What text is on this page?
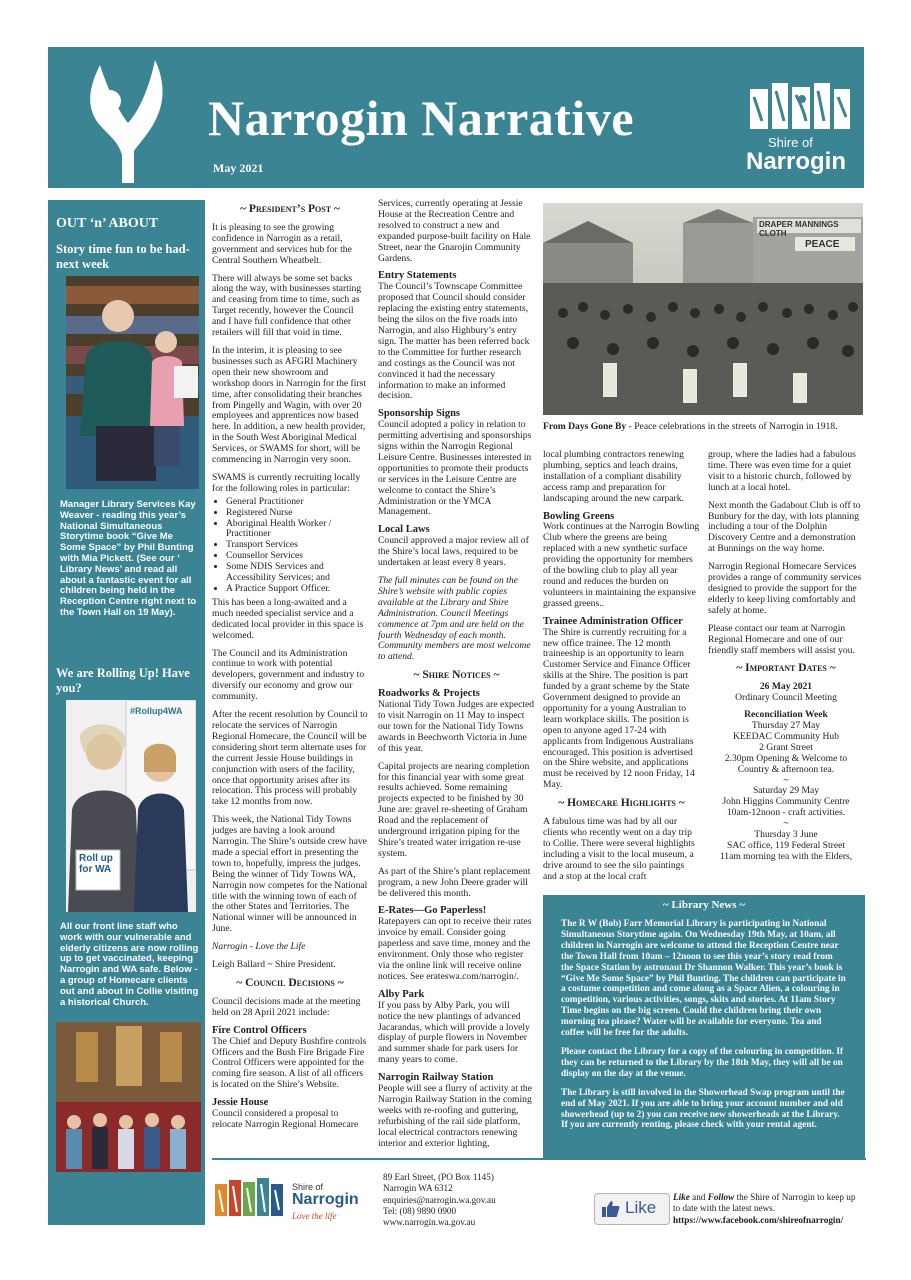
Narrogin Narrative
May 2021
Shire of
Narrogin
OUT ‘n’ ABOUT
Story time fun to be had- next week
Manager Library Services Kay Weaver - reading this year’s National Simultaneous Storytime book “Give Me Some Space” by Phil Bunting with Mia Pickett. (See our ‘ Library News’ and read all about a fantastic event for all children being held in the Reception Centre right next to the Town Hall on 19 May).
We are Rolling Up! Have you?
#Rollup4WA
Roll up for WA
All our front line staff who work with our vulnerable and elderly citizens are now rolling up to get vaccinated, keeping Narrogin and WA safe. Below - a group of Homecare clients out and about in Collie visiting a historical Church.
~ President’s Post ~

It is pleasing to see the growing confidence in Narrogin as a retail, government and services hub for the Central Southern Wheatbelt.

There will always be some set backs along the way, with businesses starting and ceasing from time to time, such as Target recently, however the Council and I have full confidence that other retailers will fill that void in time.

In the interim, it is pleasing to see businesses such as AFGRI Machinery open their new showroom and workshop doors in Narrogin for the first time, after consolidating their branches from Pingelly and Wagin, with over 20 employees and apprentices now based here. In addition, a new health provider, in the South West Aboriginal Medical Services, or SWAMS for short, will be commencing in Narrogin very soon.

SWAMS is currently recruiting locally for the following roles in particular:

• General Practitioner
• Registered Nurse
• Aboriginal Health Worker / Practitioner
• Transport Services
• Counsellor Services
• Some NDIS Services and Accessibility Services; and
• A Practice Support Officer.

This has been a long-awaited and a much needed specialist service and a dedicated local provider in this space is welcomed.

The Council and its Administration continue to work with potential developers, government and industry to diversify our economy and grow our community.

After the recent resolution by Council to relocate the services of Narrogin Regional Homecare, the Council will be considering short term alternate uses for the current Jessie House buildings in conjunction with users of the facility, once that opportunity arises after its relocation. This process will probably take 12 months from now.

This week, the National Tidy Towns judges are having a look around Narrogin. The Shire’s outside crew have made a special effort in presenting the town to, hopefully, impress the judges. Being the winner of Tidy Towns WA, Narrogin now competes for the National title with the winning town of each of the other States and Territories. The National winner will be announced in June.

Narrogin - Love the Life

Leigh Ballard ~ Shire President.

~ Council Decisions ~

Council decisions made at the meeting held on 28 April 2021 include:

Fire Control Officers

The Chief and Deputy Bushfire controls Officers and the Bush Fire Brigade Fire Control Officers were appointed for the coming fire season. A list of all officers is located on the Shire’s Website.

Jessie House

Council considered a proposal to relocate Narrogin Regional Homecare

Services, currently operating at Jessie House at the Recreation Centre and resolved to construct a new and expanded purpose-built facility on Hale Street, near the Gnarojin Community Gardens.

Entry Statements

The Council’s Townscape Committee proposed that Council should consider replacing the existing entry statements, being the silos on the five roads into Narrogin, and also Highbury’s entry sign. The matter has been referred back to the Committee for further research and costings as the Council was not convinced it had the necessary information to make an informed decision.

Sponsorship Signs

Council adopted a policy in relation to permitting advertising and sponsorships signs within the Narrogin Regional Leisure Centre. Businesses interested in opportunities to promote their products or services in the Leisure Centre are welcome to contact the Shire’s Administration or the YMCA Management.

Local Laws

Council approved a major review all of the Shire’s local laws, required to be undertaken at least every 8 years.

The full minutes can be found on the Shire’s website with public copies available at the Library and Shire Administration. Council Meetings commence at 7pm and are held on the fourth Wednesday of each month. Community members are most welcome to attend.

~ Shire Notices ~
Roadworks & Projects

National Tidy Town Judges are expected to visit Narrogin on 11 May to inspect our town for the National Tidy Towns awards in Beechworth Victoria in June of this year.

Capital projects are nearing completion for this financial year with some great results achieved. Some remaining projects expected to be finished by 30 June are: gravel re-sheeting of Graham Road and the replacement of underground irrigation piping for the Shire’s treated water irrigation re-use system.

As part of the Shire’s plant replacement program, a new John Deere grader will be delivered this month.

E-Rates—Go Paperless!

Ratepayers can opt to receive their rates invoice by email. Consider going paperless and save time, money and the environment. Only those who register via the online link will receive online notices. See erateswa.com/narrogin/.

Alby Park

If you pass by Alby Park, you will notice the new plantings of advanced Jacarandas, which will provide a lovely display of purple flowers in November and summer shade for park users for many years to come.

Narrogin Railway Station

People will see a flurry of activity at the Narrogin Railway Station in the coming weeks with re-roofing and guttering, refurbishing of the rail side platform, local electrical contractors renewing interior and exterior lighting,

DRAPER MANNINGS CLOTH
PEACE
From Days Gone By - Peace celebrations in the streets of Narrogin in 1918.

local plumbing contractors renewing plumbing, septics and leach drains, installation of a compliant disability access ramp and preparation for landscaping around the new carpark.

Bowling Greens

Work continues at the Narrogin Bowling Club where the greens are being replaced with a new synthetic surface providing the opportunity for members of the bowling club to play all year round and reduces the burden on volunteers in maintaining the expansive grassed greens..

Trainee Administration Officer

The Shire is currently recruiting for a new office trainee. The 12 month traineeship is an opportunity to learn Customer Service and Finance Officer skills at the Shire. The position is part funded by a grant scheme by the State Government designed to provide an opportunity for a young Australian to learn workplace skills. The position is open to anyone aged 17-24 with applicants from Indigenous Australians encouraged. This position is advertised on the Shire website, and applications must be received by 12 noon Friday, 14 May.

~ Homecare Highlights ~

A fabulous time was had by all our clients who recently went on a day trip to Collie. There were several highlights including a visit to the local museum, a drive around to see the silo paintings and a stop at the local craft

group, where the ladies had a fabulous time. There was even time for a quiet visit to a historic church, followed by lunch at a local hotel.

Next month the Gadabout Club is off to Bunbury for the day, with lots planning including a tour of the Dolphin Discovery Centre and a demonstration at Bunnings on the way home.

Narrogin Regional Homecare Services provides a range of community services designed to provide the support for the elderly to keep living comfortably and safely at home.

Please contact our team at Narrogin Regional Homecare and one of our friendly staff members will assist you.

~ Important Dates ~
26 May 2021
Ordinary Council Meeting
Reconciliation Week
Thursday 27 May
KEEDAC Community Hub
2 Grant Street
2.30pm Opening & Welcome to Country & afternoon tea.
~
Saturday 29 May
John Higgins Community Centre
10am-12noon - craft activities.
~
Thursday 3 June
SAC office, 119 Federal Street
11am morning tea with the Elders,
~ Library News ~

The R W (Bob) Farr Memorial Library is participating in National Simultaneous Storytime again. On Wednesday 19th May, at 10am, all children in Narrogin are welcome to attend the Reception Centre near the Town Hall from 10am – 12noon to see this year’s story read from the Space Station by astronaut Dr Shannon Walker. This year’s book is “Give Me Some Space” by Phil Bunting. The children can participate in a costume competition and come along as a Space Alien, a colouring in competition, various activities, songs, skits and stories. At 11am Story Time begins on the big screen. Could the children bring their own morning tea please? Water will be available for everyone. Tea and coffee will be free for the adults.

Please contact the Library for a copy of the colouring in competition. If they can be returned to the Library by the 18th May, they will all be on display on the day at the venue.

The Library is still involved in the Showerhead Swap program until the end of May 2021. If you are able to bring your account number and old showerhead (up to 2) you can receive new showerheads at the Library. If you are currently renting, please check with your rental agent.

Shire of
Narrogin
Love the life
89 Earl Street, (PO Box 1145)
Narrogin WA 6312
enquiries@narrogin.wa.gov.au
Tel: (08) 9890 0900
www.narrogin.wa.gov.au
Like
Like and Follow the Shire of Narrogin to keep up to date with the latest news.
https://www.facebook.com/shireofnarrogin/
